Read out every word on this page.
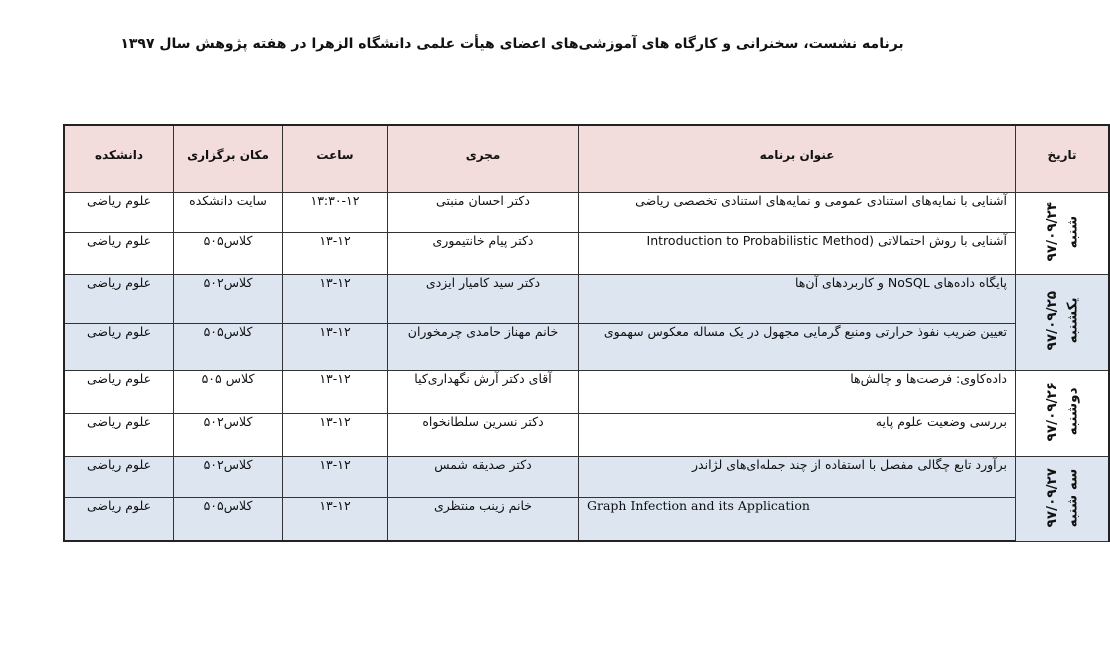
برنامه نشست، سخنرانی و کارگاه های آموزشی‌های اعضای هیأت علمی دانشگاه الزهرا در هفته پژوهش سال ۱۳۹۷
تاریخ	عنوان برنامه	مجری	ساعت	مکان برگزاری	دانشکده

۹۷/۰۹/۲۴ شنبه	آشنایی با نمایه‌های استنادی عمومی و نمایه‌های استنادی تخصصی ریاضی	دکتر احسان منبتی	۱۳:۳۰-۱۲	سایت دانشکده	علوم ریاضی
	آشنایی با روش احتمالاتی (Introduction to Probabilistic Method	دکتر پیام خانتیموری	۱۳-۱۲	کلاس۵۰۵	علوم ریاضی

۹۷/۰۹/۲۵ یکشنبه	پایگاه داده‌های NoSQL و کاربردهای آن‌ها	دکتر سید کامیار ایزدی	۱۳-۱۲	کلاس۵۰۲	علوم ریاضی
	تعیین ضریب نفوذ حرارتی ومنبع گرمایی مجهول در یک مساله معکوس سهموی	خانم مهناز حامدی چرمخوران	۱۳-۱۲	کلاس۵۰۵	علوم ریاضی

۹۷/۰۹/۲۶ دوشنبه	داده‌کاوی: فرصت‌ها و چالش‌ها	آقای دکتر آرش نگهداری‌کیا	۱۳-۱۲	کلاس ۵۰۵	علوم ریاضی
	بررسی وضعیت علوم پایه	دکتر نسرین سلطانخواه	۱۳-۱۲	کلاس۵۰۲	علوم ریاضی

۹۷/۰۹/۲۷ سه شنبه	برآورد تابع چگالی مفصل با استفاده از چند جمله‌ای‌های لژاندر	دکتر صدیقه شمس	۱۳-۱۲	کلاس۵۰۲	علوم ریاضی
	Graph Infection and its Application	خانم زینب منتظری	۱۳-۱۲	کلاس۵۰۵	علوم ریاضی
